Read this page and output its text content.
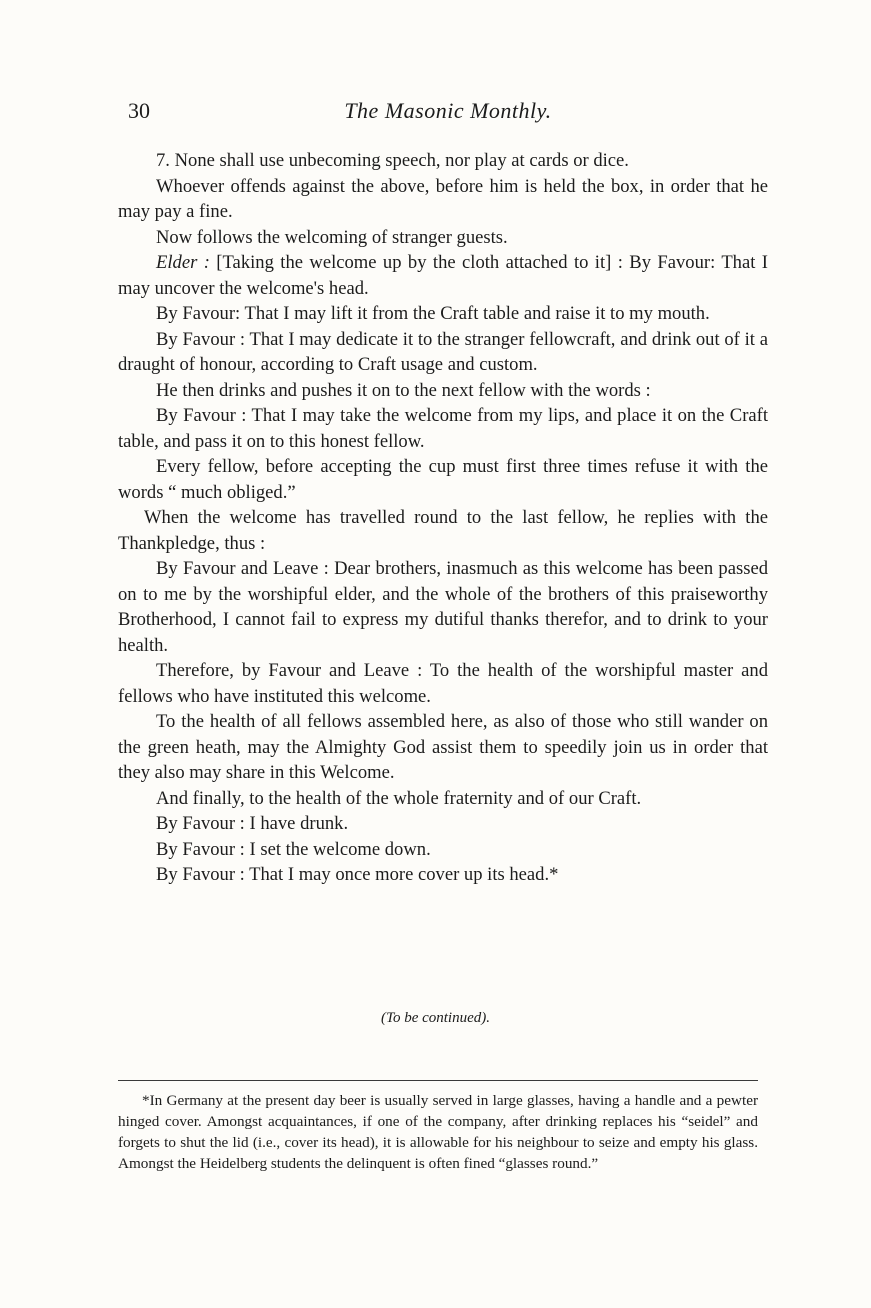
30	The Masonic Monthly.

7. None shall use unbecoming speech, nor play at cards or dice.

Whoever offends against the above, before him is held the box, in order that he may pay a fine.

Now follows the welcoming of stranger guests.

Elder : [Taking the welcome up by the cloth attached to it] : By Favour: That I may uncover the welcome's head.

By Favour: That I may lift it from the Craft table and raise it to my mouth.

By Favour : That I may dedicate it to the stranger fellowcraft, and drink out of it a draught of honour, according to Craft usage and custom.

He then drinks and pushes it on to the next fellow with the words :

By Favour : That I may take the welcome from my lips, and place it on the Craft table, and pass it on to this honest fellow.

Every fellow, before accepting the cup must first three times refuse it with the words “ much obliged.”

When the welcome has travelled round to the last fellow, he replies with the Thankpledge, thus :

By Favour and Leave : Dear brothers, inasmuch as this welcome has been passed on to me by the worshipful elder, and the whole of the brothers of this praiseworthy Brotherhood, I cannot fail to express my dutiful thanks therefor, and to drink to your health.

Therefore, by Favour and Leave : To the health of the worshipful master and fellows who have instituted this welcome.

To the health of all fellows assembled here, as also of those who still wander on the green heath, may the Almighty God assist them to speedily join us in order that they also may share in this Welcome.

And finally, to the health of the whole fraternity and of our Craft.

By Favour : I have drunk.

By Favour : I set the welcome down.

By Favour : That I may once more cover up its head.*

(To be continued).

*In Germany at the present day beer is usually served in large glasses, having a handle and a pewter hinged cover. Amongst acquaintances, if one of the company, after drinking replaces his “seidel” and forgets to shut the lid (i.e., cover its head), it is allowable for his neighbour to seize and empty his glass. Amongst the Heidelberg students the delinquent is often fined “glasses round.”
